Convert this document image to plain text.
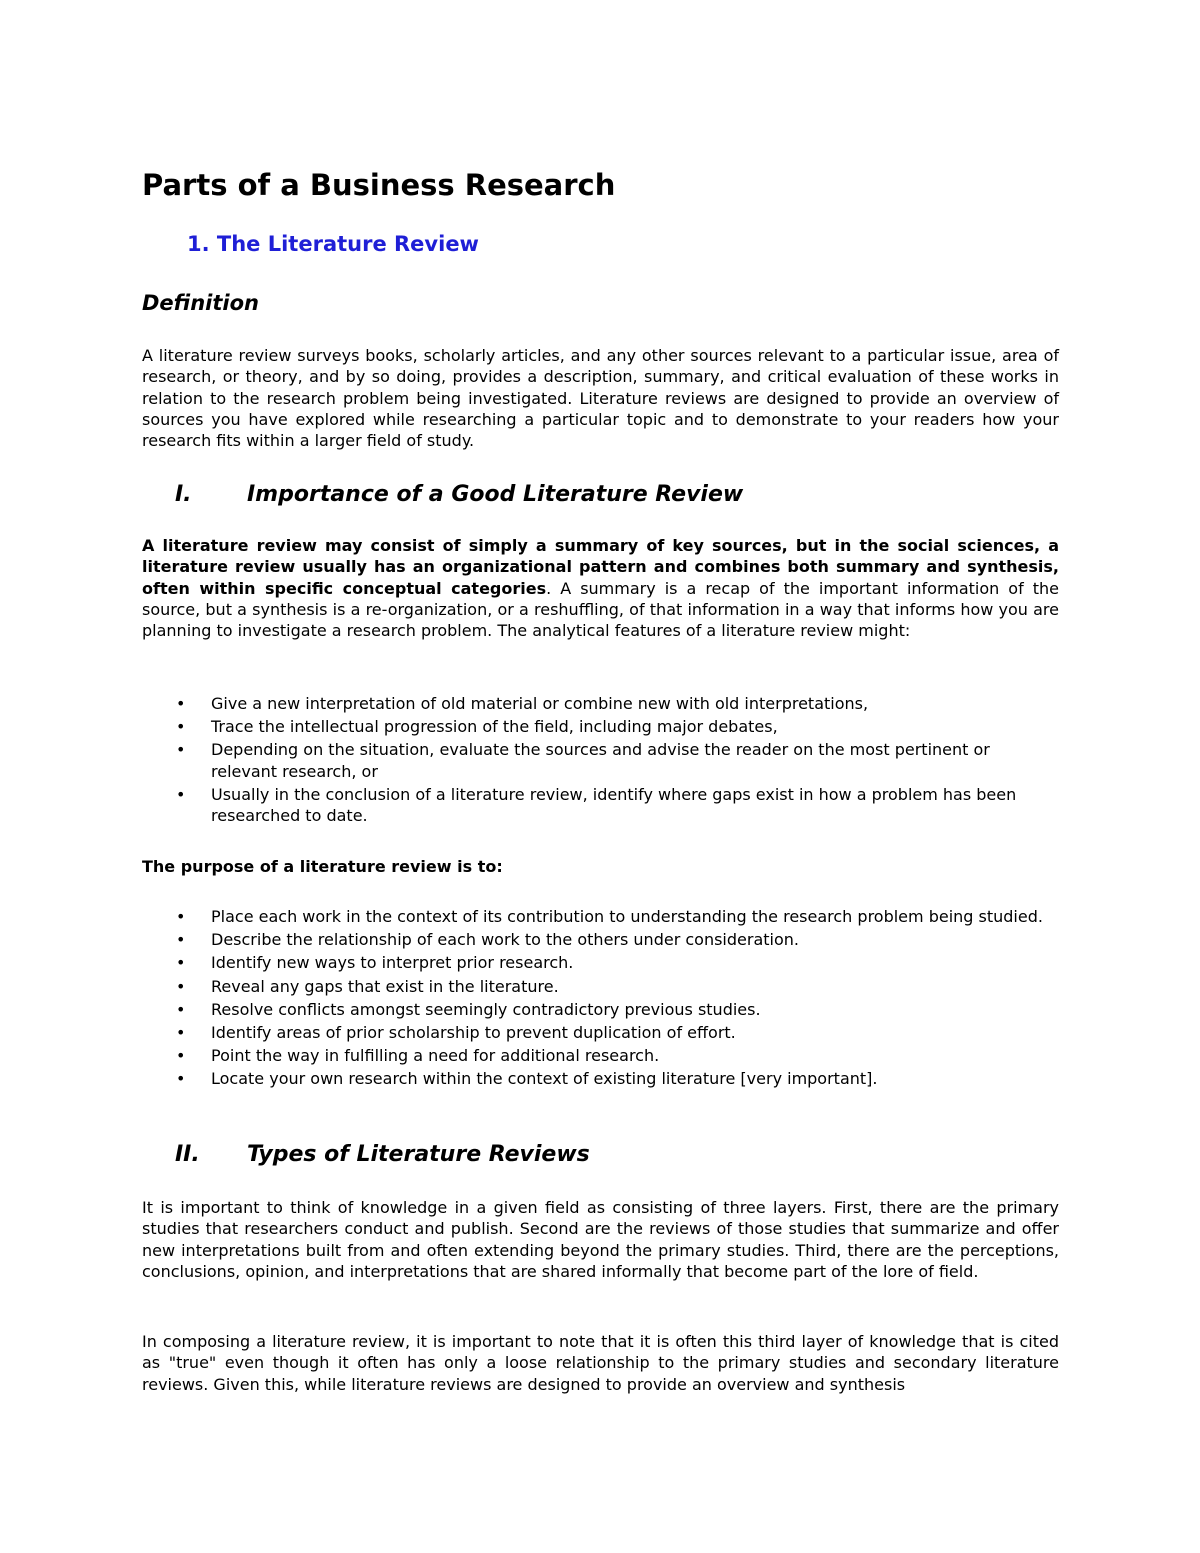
Parts of a Business Research
1. The Literature Review
Definition

A literature review surveys books, scholarly articles, and any other sources relevant to a particular issue, area of research, or theory, and by so doing, provides a description, summary, and critical evaluation of these works in relation to the research problem being investigated. Literature reviews are designed to provide an overview of sources you have explored while researching a particular topic and to demonstrate to your readers how your research fits within a larger field of study.

I.	Importance of a Good Literature Review

A literature review may consist of simply a summary of key sources, but in the social sciences, a literature review usually has an organizational pattern and combines both summary and synthesis, often within specific conceptual categories. A summary is a recap of the important information of the source, but a synthesis is a re-organization, or a reshuffling, of that information in a way that informs how you are planning to investigate a research problem. The analytical features of a literature review might:

• Give a new interpretation of old material or combine new with old interpretations,
• Trace the intellectual progression of the field, including major debates,
• Depending on the situation, evaluate the sources and advise the reader on the most pertinent or relevant research, or
• Usually in the conclusion of a literature review, identify where gaps exist in how a problem has been researched to date.

The purpose of a literature review is to:

• Place each work in the context of its contribution to understanding the research problem being studied.
• Describe the relationship of each work to the others under consideration.
• Identify new ways to interpret prior research.
• Reveal any gaps that exist in the literature.
• Resolve conflicts amongst seemingly contradictory previous studies.
• Identify areas of prior scholarship to prevent duplication of effort.
• Point the way in fulfilling a need for additional research.
• Locate your own research within the context of existing literature [very important].
II. Types of Literature Reviews

It is important to think of knowledge in a given field as consisting of three layers. First, there are the primary studies that researchers conduct and publish. Second are the reviews of those studies that summarize and offer new interpretations built from and often extending beyond the primary studies. Third, there are the perceptions, conclusions, opinion, and interpretations that are shared informally that become part of the lore of field.

In composing a literature review, it is important to note that it is often this third layer of knowledge that is cited as "true" even though it often has only a loose relationship to the primary studies and secondary literature reviews. Given this, while literature reviews are designed to provide an overview and synthesis
